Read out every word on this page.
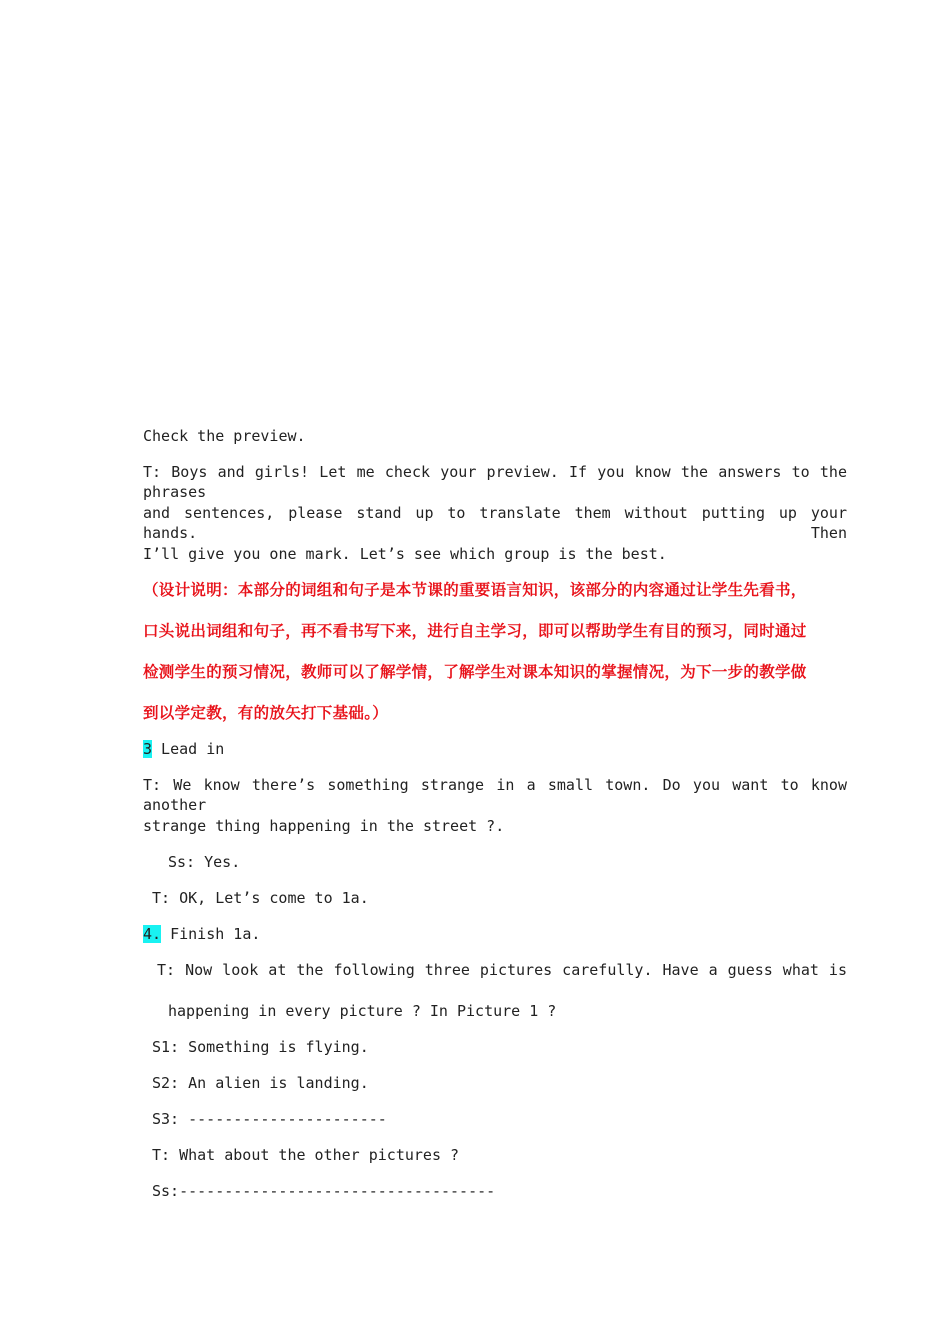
Check the preview.
T: Boys and girls! Let me check your preview. If you know the answers to the phrases
and sentences, please stand up to translate them without putting up your hands. Then
I’ll give you one mark. Let’s see which group is the best.
（设计说明：本部分的词组和句子是本节课的重要语言知识，该部分的内容通过让学生先看书，
口头说出词组和句子，再不看书写下来，进行自主学习，即可以帮助学生有目的预习，同时通过
检测学生的预习情况，教师可以了解学情，了解学生对课本知识的掌握情况，为下一步的教学做
到以学定教，有的放矢打下基础。）
3 Lead in
T: We know there’s something strange in a small town. Do you want to know another
strange thing happening in the street ?.
Ss: Yes.
T: OK, Let’s come to 1a.
4. Finish 1a.
T: Now look at the following three pictures carefully. Have a guess what is
happening in every picture ? In Picture 1 ?
S1: Something is flying.
S2: An alien is landing.
S3: ----------------------
T: What about the other pictures ?
Ss:-----------------------------------
